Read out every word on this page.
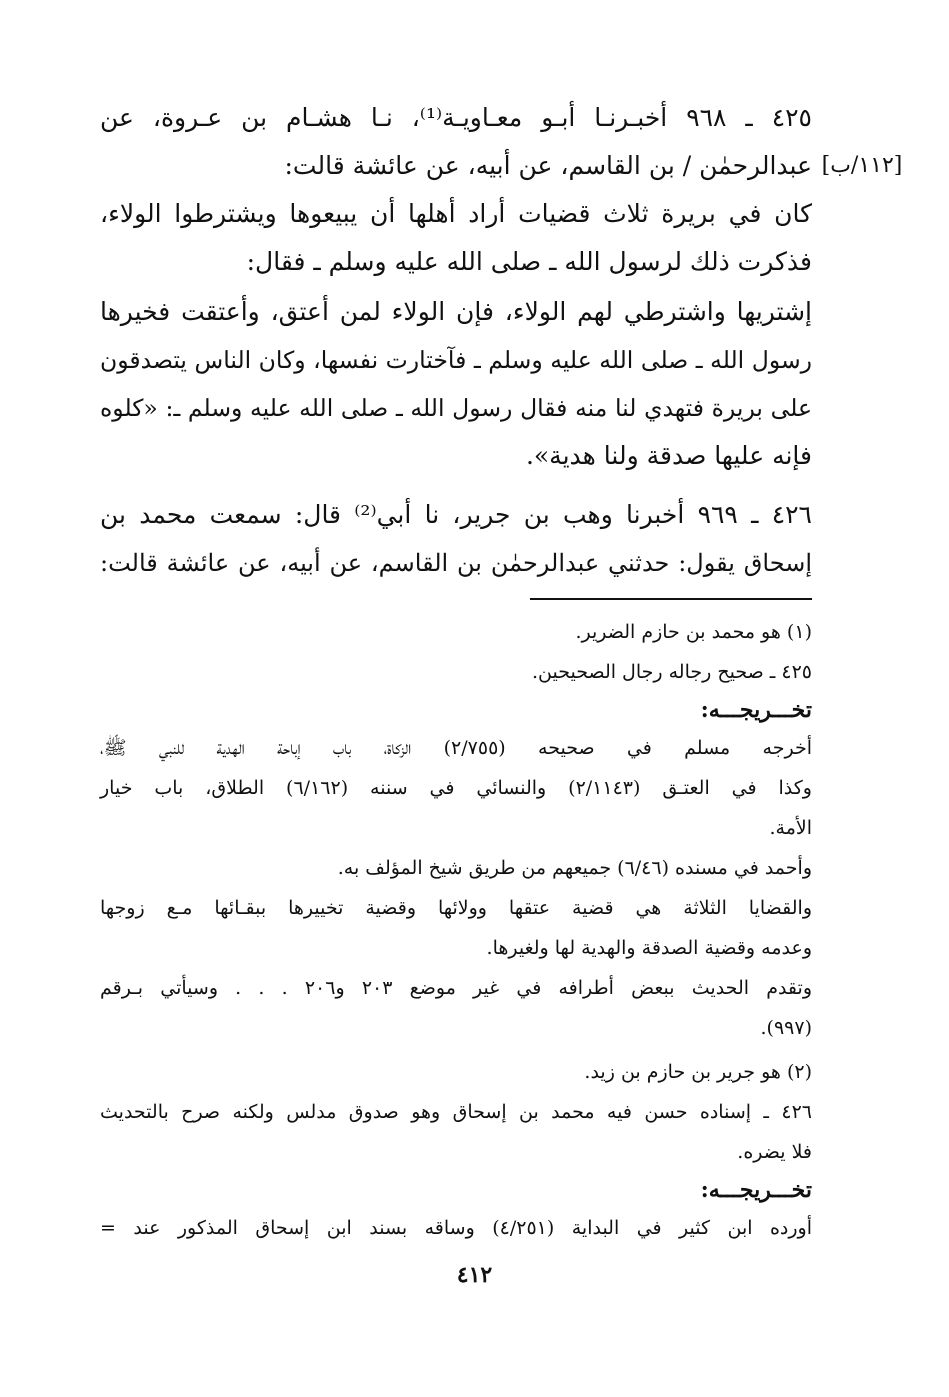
٤٢٥ ـ ٩٦٨ أخبـرنـا أبـو معـاويـة⁽¹⁾، نـا هشـام بن عـروة، عن
عبدالرحمٰن / بن القاسم، عن أبيه، عن عائشة قالت:
كان في بريرة ثلاث قضيات أراد أهلها أن يبيعوها ويشترطوا الولاء،
فذكرت ذلك لرسول الله ـ صلى الله عليه وسلم ـ فقال:
إشتريها واشترطي لهم الولاء، فإن الولاء لمن أعتق، وأعتقت فخيرها
رسول الله ـ صلى الله عليه وسلم ـ فآختارت نفسها، وكان الناس يتصدقون
على بريرة فتهدي لنا منه فقال رسول الله ـ صلى الله عليه وسلم ـ: «كلوه
فإنه عليها صدقة ولنا هدية».
٤٢٦ ـ ٩٦٩ أخبرنا وهب بن جرير، نا أبي⁽²⁾ قال: سمعت محمد بن
إسحاق يقول: حدثني عبدالرحمٰن بن القاسم، عن أبيه، عن عائشة قالت:
[١١٢/ب]
(١) هو محمد بن حازم الضرير.
٤٢٥ ـ صحيح رجاله رجال الصحيحين.
تخـــريجـــه:
أخرجه مسلم في صحيحه (٢/٧٥٥) الزكاة، باب إباحة الهدية للنبي ﷺ،
وكذا في العتـق (٢/١١٤٣) والنسائي في سننه (٦/١٦٢) الطلاق، باب خيار
الأمة.
وأحمد في مسنده (٦/٤٦) جميعهم من طريق شيخ المؤلف به.
والقضايا الثلاثة هي قضية عتقها وولائها وقضية تخييرها ببقـائها مـع زوجها
وعدمه وقضية الصدقة والهدية لها ولغيرها.
وتقدم الحديث ببعض أطرافه في غير موضع ٢٠٣ و٢٠٦ . . . وسيأتي بـرقم
(٩٩٧).
(٢) هو جرير بن حازم بن زيد.
٤٢٦ ـ إسناده حسن فيه محمد بن إسحاق وهو صدوق مدلس ولكنه صرح بالتحديث
فلا يضره.
تخـــريجـــه:
أورده ابن كثير في البداية (٤/٢٥١) وساقه بسند ابن إسحاق المذكور عند =
٤١٢
